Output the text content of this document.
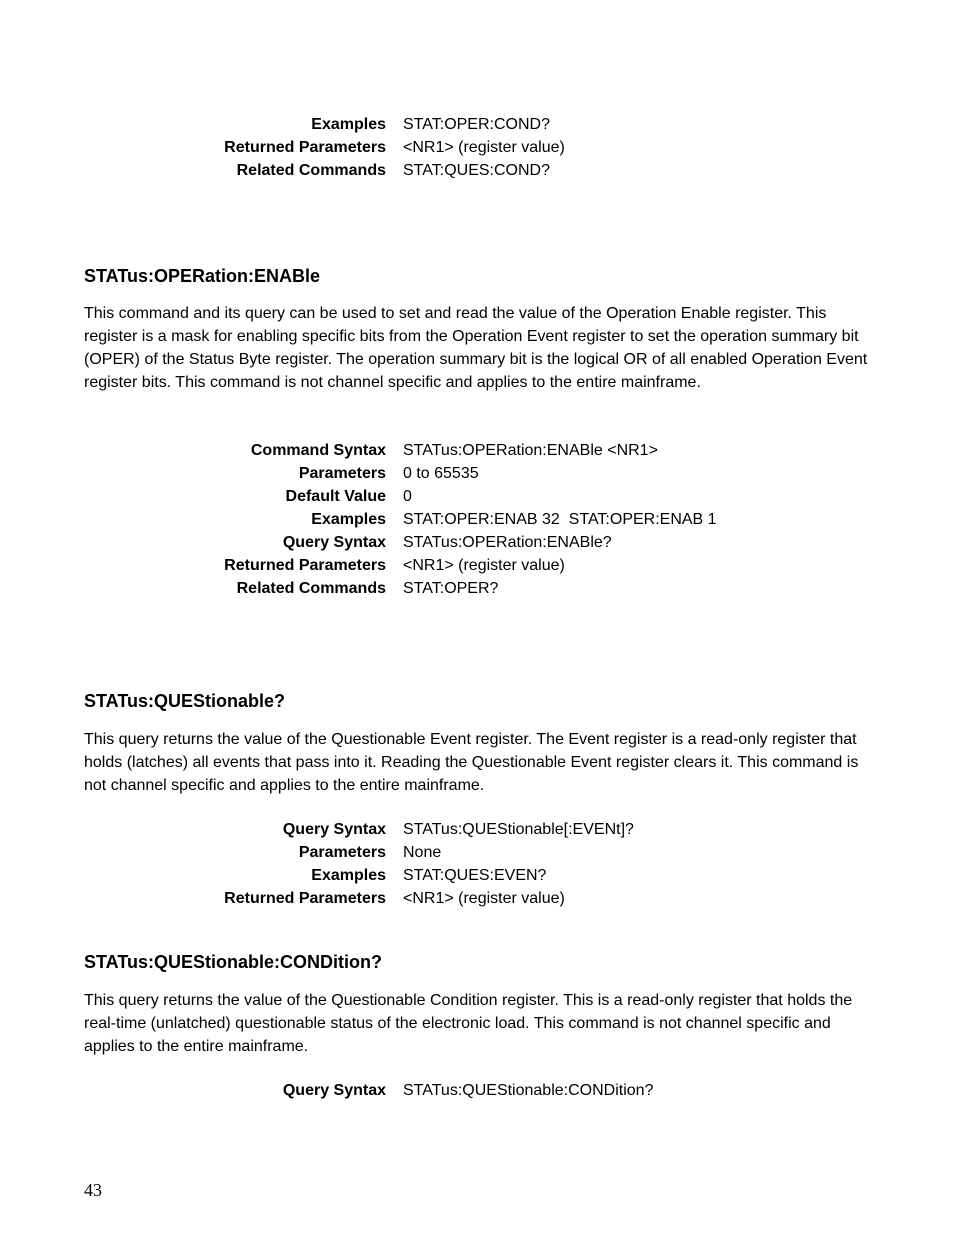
Examples	STAT:OPER:COND?
Returned Parameters	<NR1> (register value)
Related Commands	STAT:QUES:COND?
STATus:OPERation:ENABle

This command and its query can be used to set and read the value of the Operation Enable register. This register is a mask for enabling specific bits from the Operation Event register to set the operation summary bit (OPER) of the Status Byte register. The operation summary bit is the logical OR of all enabled Operation Event register bits. This command is not channel specific and applies to the entire mainframe.

Command Syntax	STATus:OPERation:ENABle <NR1>
Parameters	0 to 65535
Default Value	0
Examples	STAT:OPER:ENAB 32  STAT:OPER:ENAB 1
Query Syntax	STATus:OPERation:ENABle?
Returned Parameters	<NR1> (register value)
Related Commands	STAT:OPER?
STATus:QUEStionable?

This query returns the value of the Questionable Event register. The Event register is a read-only register that holds (latches) all events that pass into it. Reading the Questionable Event register clears it. This command is not channel specific and applies to the entire mainframe.

Query Syntax	STATus:QUEStionable[:EVENt]?
Parameters	None
Examples	STAT:QUES:EVEN?
Returned Parameters	<NR1> (register value)
STATus:QUEStionable:CONDition?

This query returns the value of the Questionable Condition register. This is a read-only register that holds the real-time (unlatched) questionable status of the electronic load. This command is not channel specific and applies to the entire mainframe.

Query Syntax	STATus:QUEStionable:CONDition?
43
